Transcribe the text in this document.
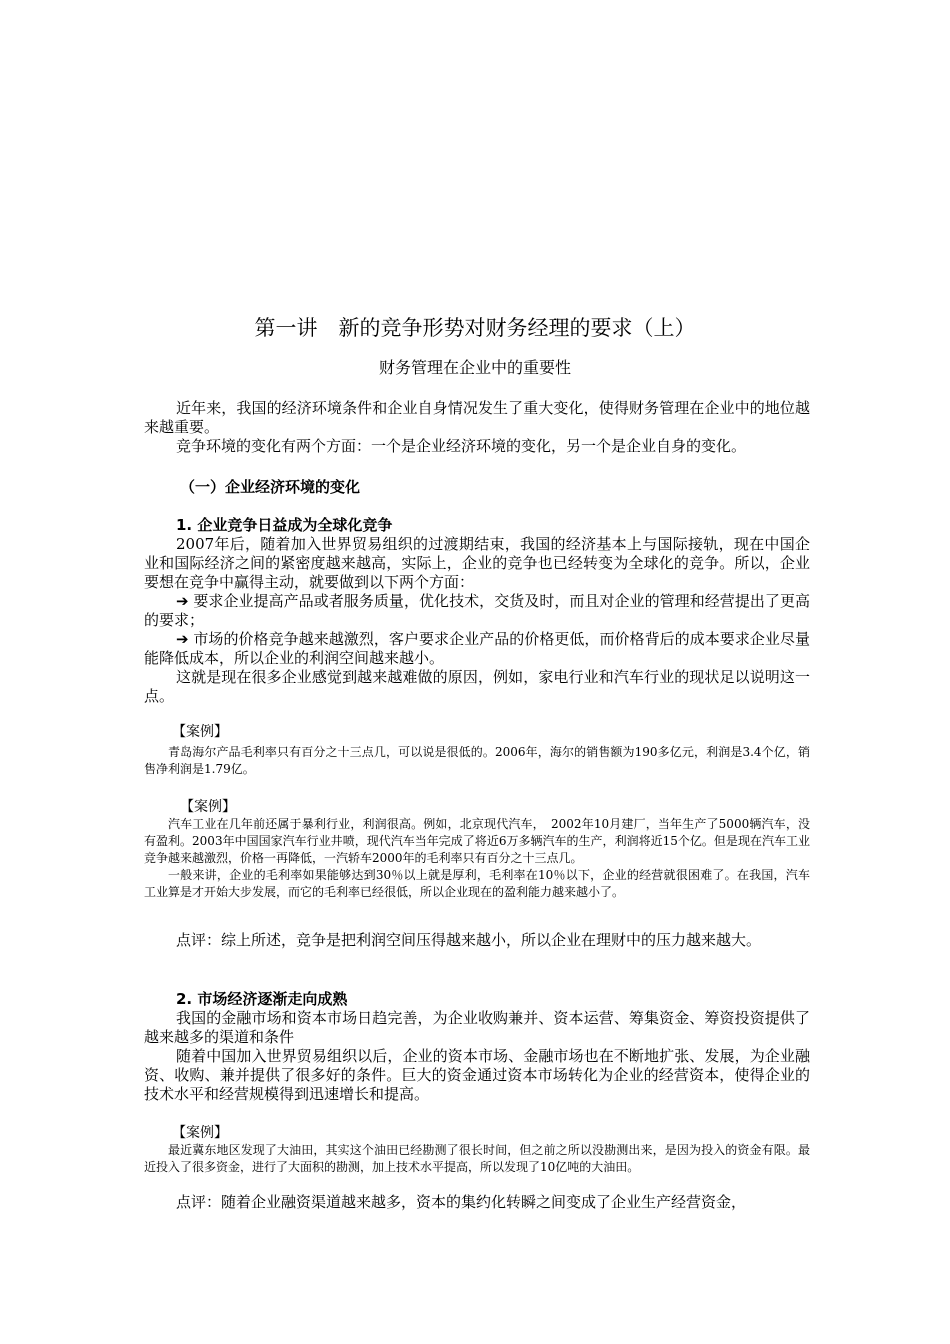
第一讲　新的竞争形势对财务经理的要求（上）
财务管理在企业中的重要性

近年来，我国的经济环境条件和企业自身情况发生了重大变化，使得财务管理在企业中的地位越来越重要。

竞争环境的变化有两个方面：一个是企业经济环境的变化，另一个是企业自身的变化。

（一）企业经济环境的变化
1. 企业竞争日益成为全球化竞争

2007年后，随着加入世界贸易组织的过渡期结束，我国的经济基本上与国际接轨，现在中国企业和国际经济之间的紧密度越来越高，实际上，企业的竞争也已经转变为全球化的竞争。所以，企业要想在竞争中赢得主动，就要做到以下两个方面：

➔ 要求企业提高产品或者服务质量，优化技术，交货及时，而且对企业的管理和经营提出了更高的要求；

➔ 市场的价格竞争越来越激烈，客户要求企业产品的价格更低，而价格背后的成本要求企业尽量能降低成本，所以企业的利润空间越来越小。

这就是现在很多企业感觉到越来越难做的原因，例如，家电行业和汽车行业的现状足以说明这一点。

【案例】

青岛海尔产品毛利率只有百分之十三点几，可以说是很低的。2006年，海尔的销售额为190多亿元，利润是3.4个亿，销售净利润是1.79亿。

【案例】

汽车工业在几年前还属于暴利行业，利润很高。例如，北京现代汽车，　2002年10月建厂，当年生产了5000辆汽车，没有盈利。2003年中国国家汽车行业井喷，现代汽车当年完成了将近6万多辆汽车的生产，利润将近15个亿。但是现在汽车工业竞争越来越激烈，价格一再降低，一汽轿车2000年的毛利率只有百分之十三点几。

一般来讲，企业的毛利率如果能够达到30％以上就是厚利，毛利率在10％以下，企业的经营就很困难了。在我国，汽车工业算是才开始大步发展，而它的毛利率已经很低，所以企业现在的盈利能力越来越小了。

点评：综上所述，竞争是把利润空间压得越来越小，所以企业在理财中的压力越来越大。

2. 市场经济逐渐走向成熟

我国的金融市场和资本市场日趋完善，为企业收购兼并、资本运营、筹集资金、筹资投资提供了越来越多的渠道和条件

随着中国加入世界贸易组织以后，企业的资本市场、金融市场也在不断地扩张、发展，为企业融资、收购、兼并提供了很多好的条件。巨大的资金通过资本市场转化为企业的经营资本，使得企业的技术水平和经营规模得到迅速增长和提高。

【案例】

最近冀东地区发现了大油田，其实这个油田已经勘测了很长时间，但之前之所以没勘测出来，是因为投入的资金有限。最近投入了很多资金，进行了大面积的勘测，加上技术水平提高，所以发现了10亿吨的大油田。

点评：随着企业融资渠道越来越多，资本的集约化转瞬之间变成了企业生产经营资金，
